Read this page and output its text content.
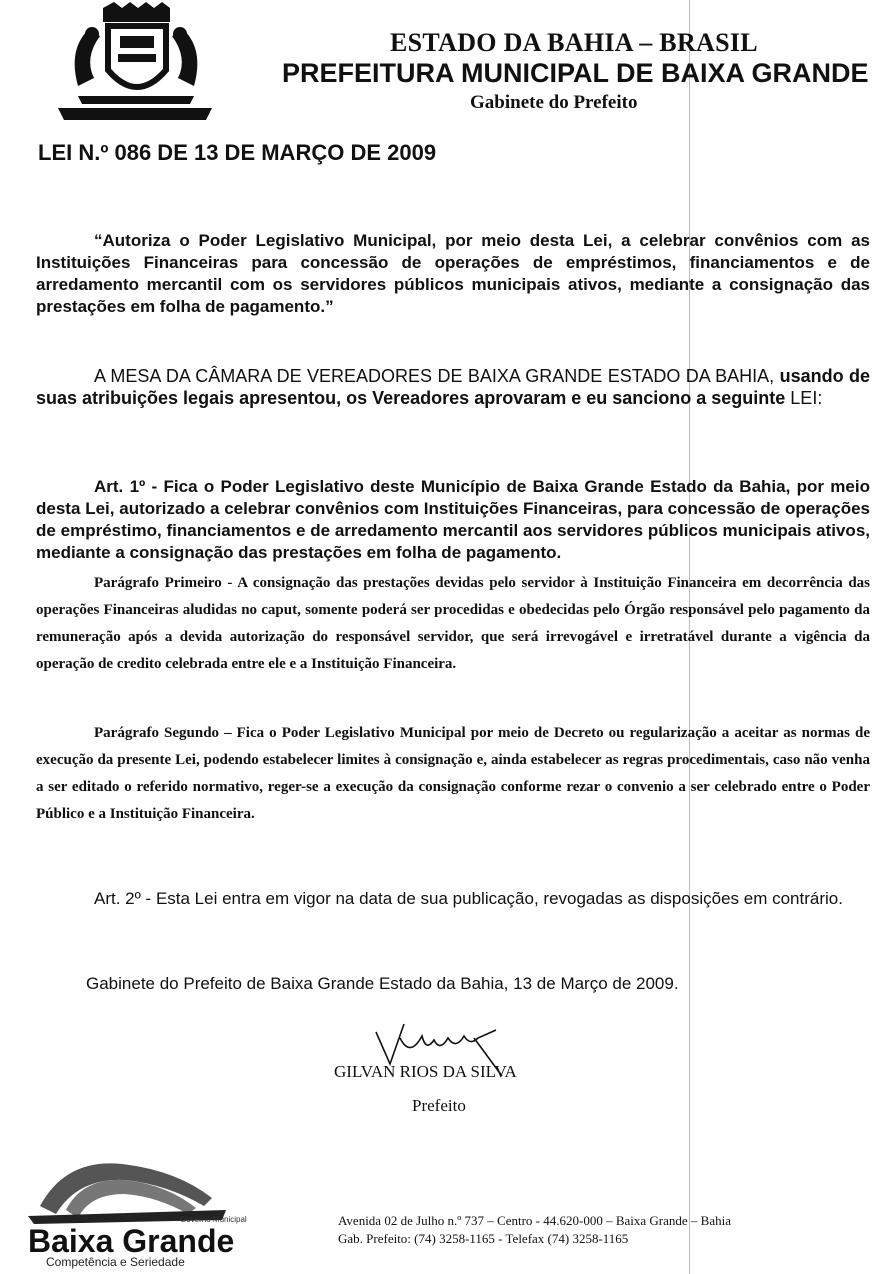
ESTADO DA BAHIA – BRASIL
PREFEITURA MUNICIPAL DE BAIXA GRANDE
Gabinete do Prefeito
LEI N.º 086 DE 13 DE MARÇO DE 2009
“Autoriza o Poder Legislativo Municipal, por meio desta Lei, a celebrar convênios com as Instituições Financeiras para concessão de operações de empréstimos, financiamentos e de arredamento mercantil com os servidores públicos municipais ativos, mediante a consignação das prestações em folha de pagamento.”
A MESA DA CÂMARA DE VEREADORES DE BAIXA GRANDE ESTADO DA BAHIA, usando de suas atribuições legais apresentou, os Vereadores aprovaram e eu sanciono a seguinte LEI:
Art. 1º - Fica o Poder Legislativo deste Município de Baixa Grande Estado da Bahia, por meio desta Lei, autorizado a celebrar convênios com Instituições Financeiras, para concessão de operações de empréstimo, financiamentos e de arredamento mercantil aos servidores públicos municipais ativos, mediante a consignação das prestações em folha de pagamento.
Parágrafo Primeiro - A consignação das prestações devidas pelo servidor à Instituição Financeira em decorrência das operações Financeiras aludidas no caput, somente poderá ser procedidas e obedecidas pelo Órgão responsável pelo pagamento da remuneração após a devida autorização do responsável servidor, que será irrevogável e irretratável durante a vigência da operação de credito celebrada entre ele e a Instituição Financeira.
Parágrafo Segundo – Fica o Poder Legislativo Municipal por meio de Decreto ou regularização a aceitar as normas de execução da presente Lei, podendo estabelecer limites à consignação e, ainda estabelecer as regras procedimentais, caso não venha a ser editado o referido normativo, reger-se a execução da consignação conforme rezar o convenio a ser celebrado entre o Poder Público e a Instituição Financeira.
Art. 2º - Esta Lei entra em vigor na data de sua publicação, revogadas as disposições em contrário.
Gabinete do Prefeito de Baixa Grande Estado da Bahia, 13 de Março de 2009.
GILVAN RIOS DA SILVA
Prefeito
Governo Municipal
Baixa Grande
Competência e Seriedade
Avenida 02 de Julho n.º 737 – Centro - 44.620-000 – Baixa Grande – Bahia
Gab. Prefeito: (74) 3258-1165 - Telefax (74) 3258-1165
